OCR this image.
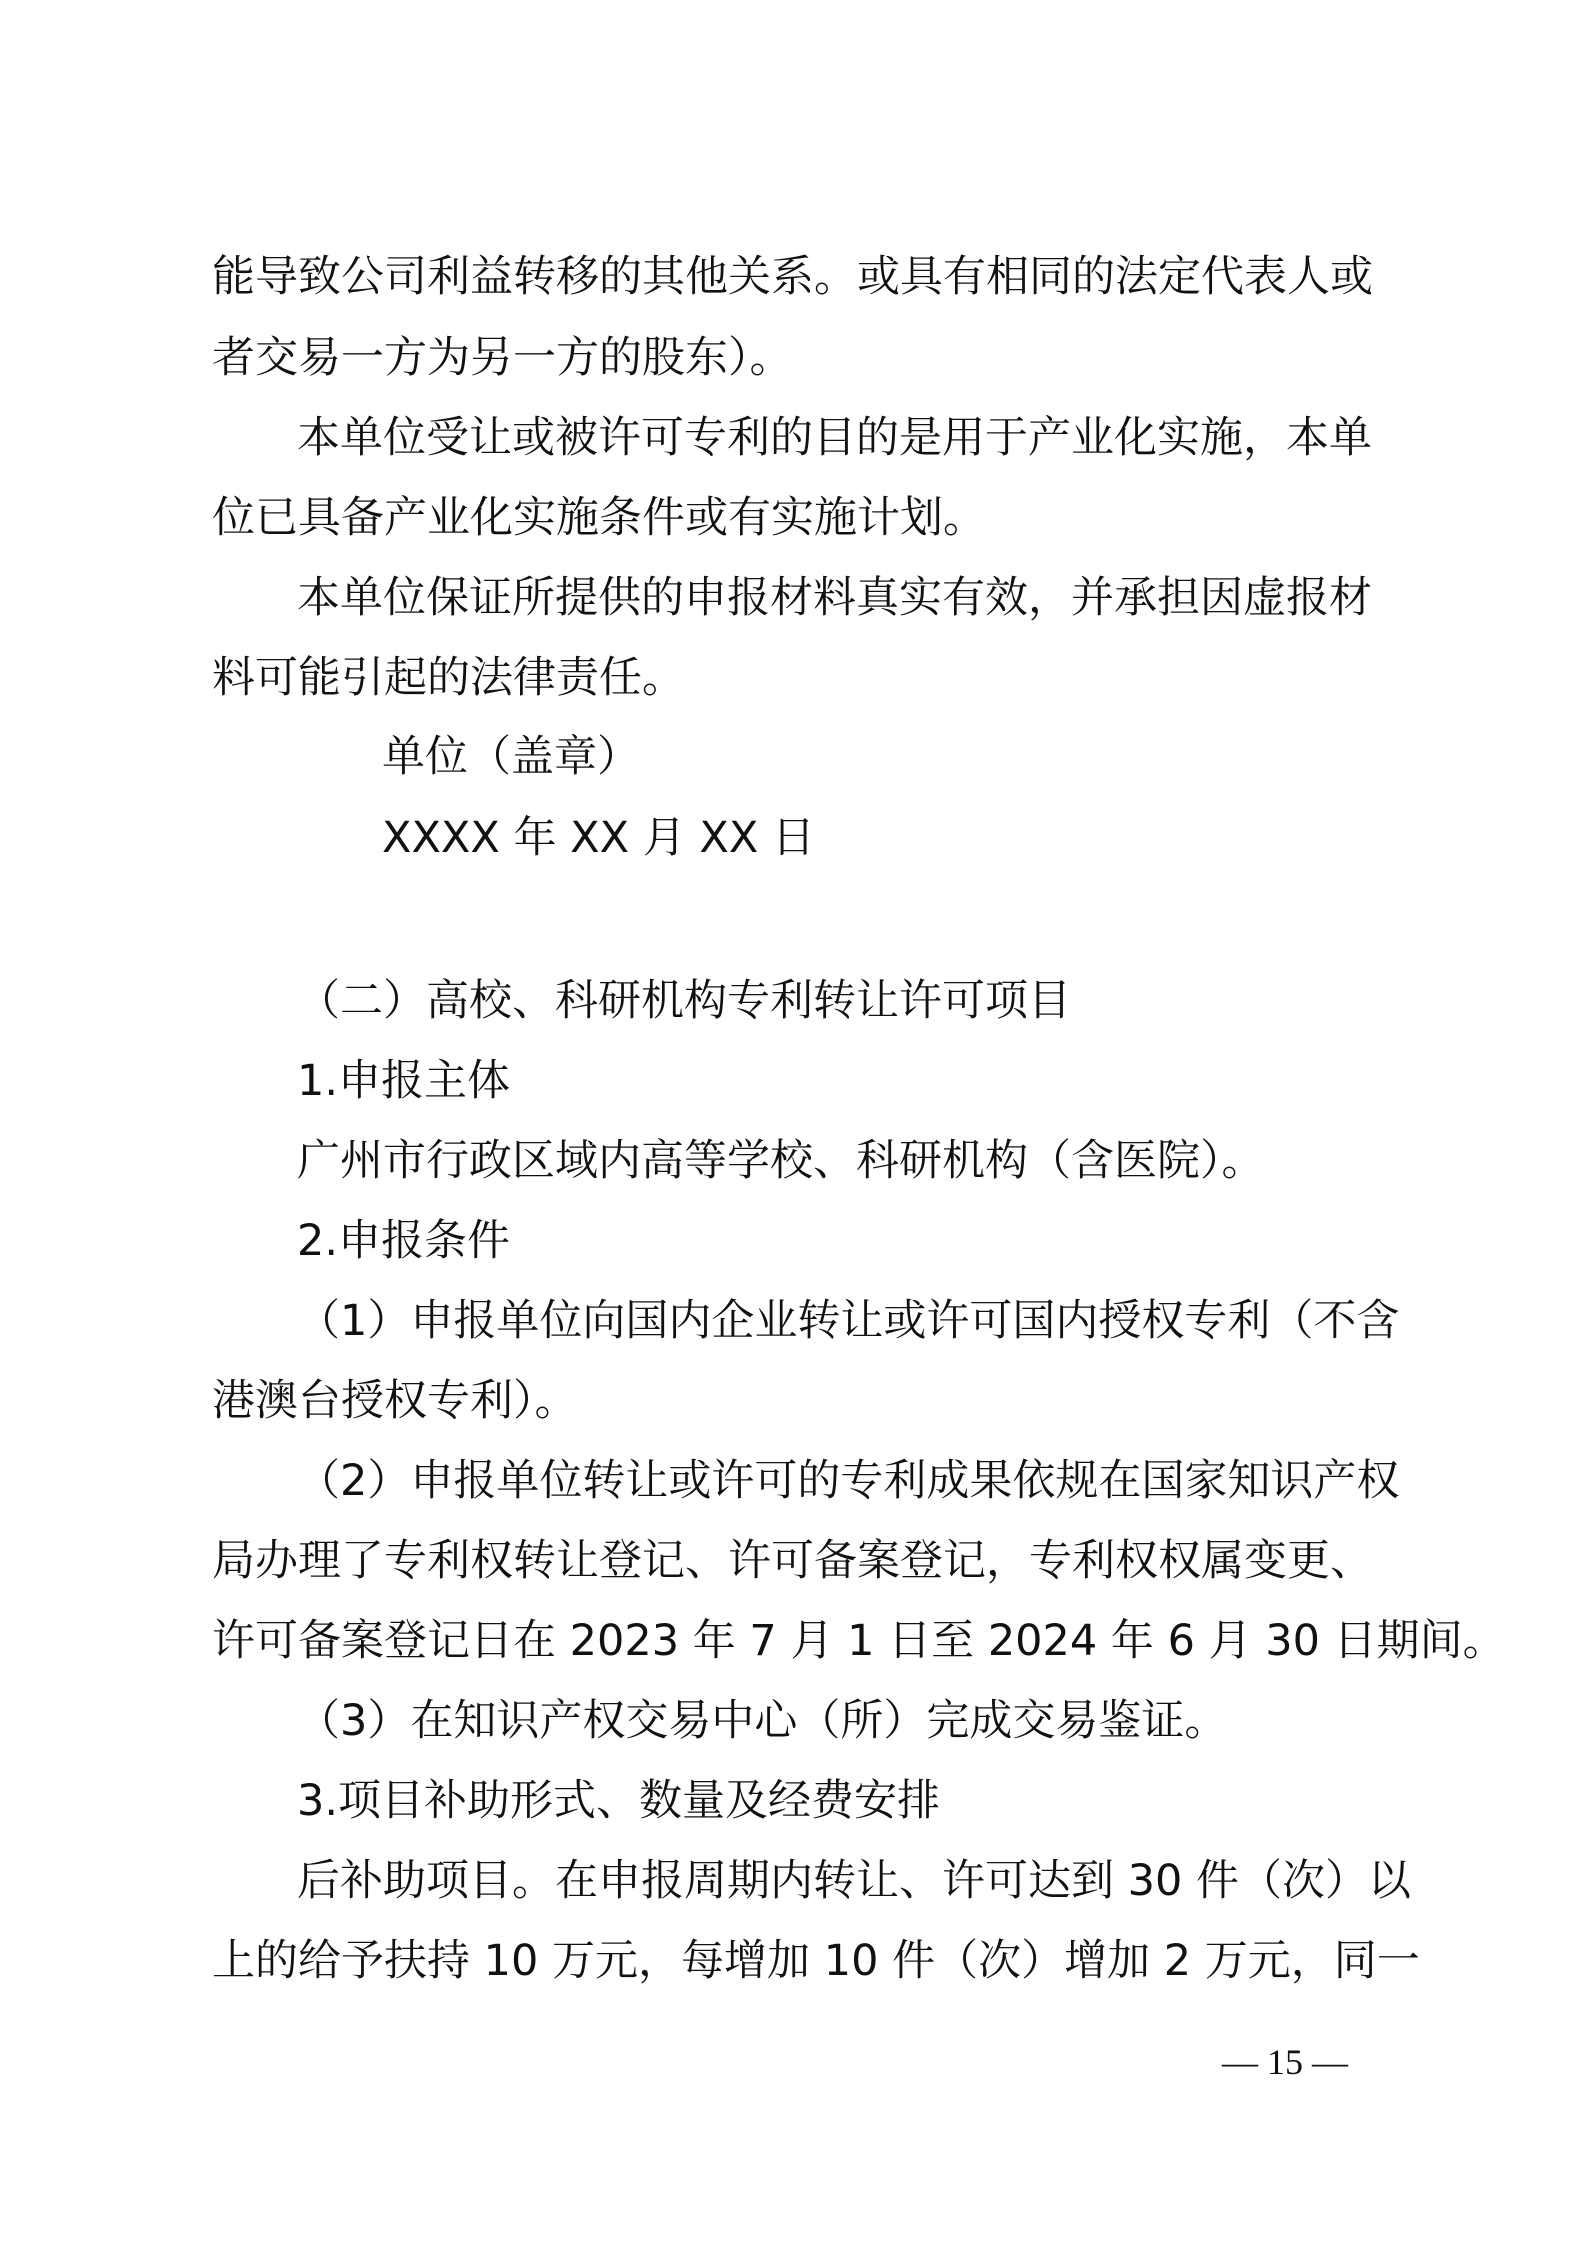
能导致公司利益转移的其他关系。或具有相同的法定代表人或
者交易一方为另一方的股东）。
本单位受让或被许可专利的目的是用于产业化实施，本单
位已具备产业化实施条件或有实施计划。
本单位保证所提供的申报材料真实有效，并承担因虚报材
料可能引起的法律责任。
单位（盖章）
XXXX 年 XX 月 XX 日
（二）高校、科研机构专利转让许可项目
1.申报主体
广州市行政区域内高等学校、科研机构（含医院）。
2.申报条件
（1）申报单位向国内企业转让或许可国内授权专利（不含
港澳台授权专利）。
（2）申报单位转让或许可的专利成果依规在国家知识产权
局办理了专利权转让登记、许可备案登记，专利权权属变更、
许可备案登记日在 2023 年 7 月 1 日至 2024 年 6 月 30 日期间。
（3）在知识产权交易中心（所）完成交易鉴证。
3.项目补助形式、数量及经费安排
后补助项目。在申报周期内转让、许可达到 30 件（次）以
上的给予扶持 10 万元，每增加 10 件（次）增加 2 万元，同一
— 15 —
